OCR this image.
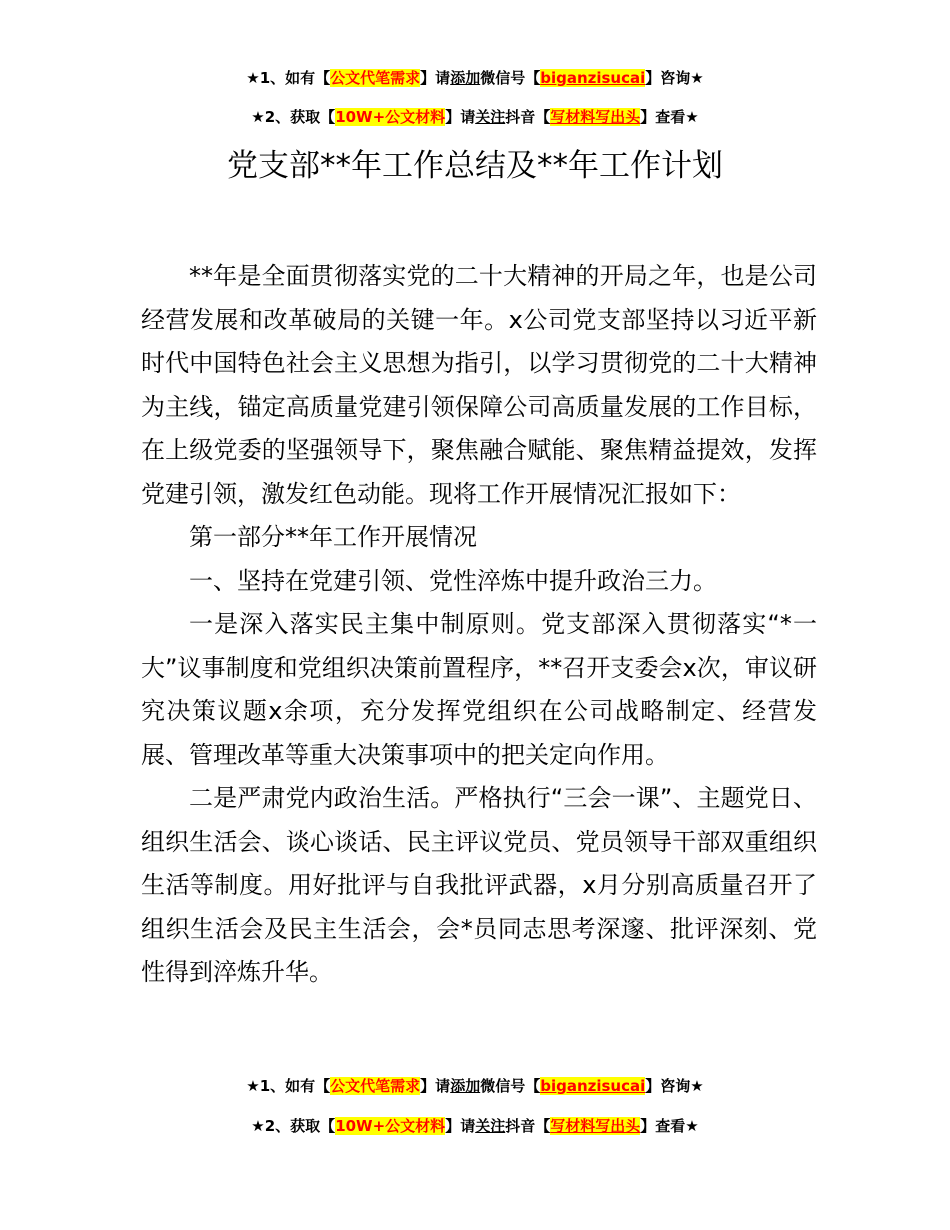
★1、如有【公文代笔需求】请添加微信号【biganzisucai】咨询★
★2、获取【10W+公文材料】请关注抖音【写材料写出头】查看★
党支部**年工作总结及**年工作计划

**年是全面贯彻落实党的二十大精神的开局之年，也是公司经营发展和改革破局的关键一年。x公司党支部坚持以习近平新时代中国特色社会主义思想为指引，以学习贯彻党的二十大精神为主线，锚定高质量党建引领保障公司高质量发展的工作目标，在上级党委的坚强领导下，聚焦融合赋能、聚焦精益提效，发挥党建引领，激发红色动能。现将工作开展情况汇报如下：

第一部分**年工作开展情况

一、坚持在党建引领、党性淬炼中提升政治三力。

一是深入落实民主集中制原则。党支部深入贯彻落实“*一大”议事制度和党组织决策前置程序，**召开支委会x次，审议研究决策议题x余项，充分发挥党组织在公司战略制定、经营发展、管理改革等重大决策事项中的把关定向作用。

二是严肃党内政治生活。严格执行“三会一课”、主题党日、组织生活会、谈心谈话、民主评议党员、党员领导干部双重组织生活等制度。用好批评与自我批评武器，x月分别高质量召开了组织生活会及民主生活会，会*员同志思考深邃、批评深刻、党性得到淬炼升华。

★1、如有【公文代笔需求】请添加微信号【biganzisucai】咨询★
★2、获取【10W+公文材料】请关注抖音【写材料写出头】查看★
